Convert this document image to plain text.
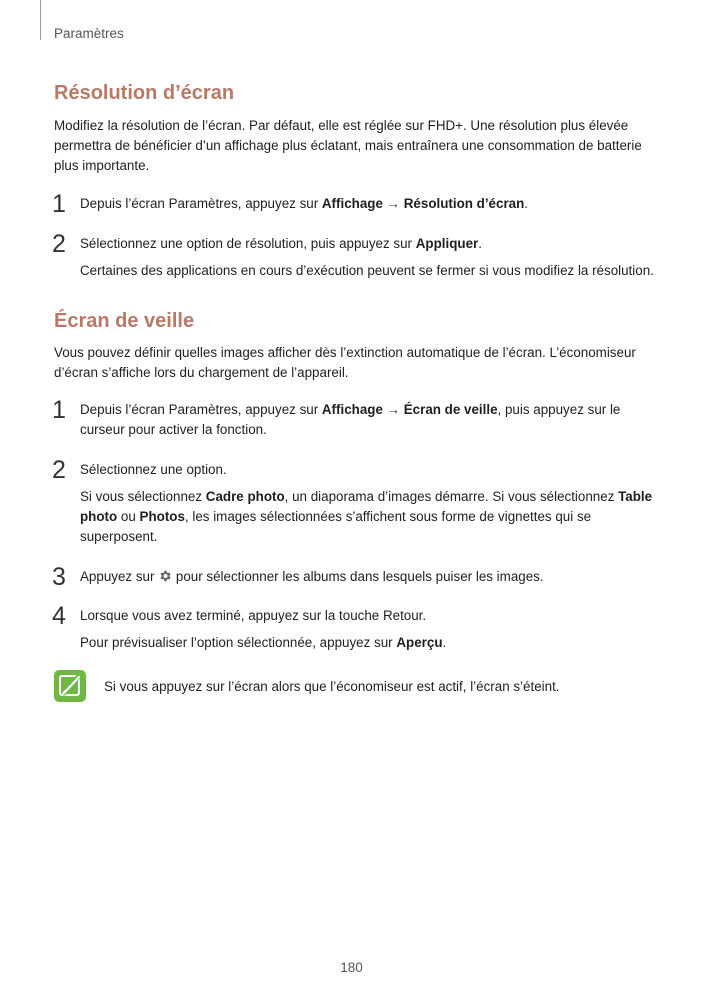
Paramètres
Résolution d’écran

Modifiez la résolution de l’écran. Par défaut, elle est réglée sur FHD+. Une résolution plus élevée permettra de bénéficier d’un affichage plus éclatant, mais entraînera une consommation de batterie plus importante.

1 Depuis l’écran Paramètres, appuyez sur Affichage → Résolution d’écran.

2 Sélectionnez une option de résolution, puis appuyez sur Appliquer.

Certaines des applications en cours d’exécution peuvent se fermer si vous modifiez la résolution.

Écran de veille

Vous pouvez définir quelles images afficher dès l’extinction automatique de l’écran. L’économiseur d’écran s’affiche lors du chargement de l’appareil.

1 Depuis l’écran Paramètres, appuyez sur Affichage → Écran de veille, puis appuyez sur le curseur pour activer la fonction.

2 Sélectionnez une option.

Si vous sélectionnez Cadre photo, un diaporama d’images démarre. Si vous sélectionnez Table photo ou Photos, les images sélectionnées s’affichent sous forme de vignettes qui se superposent.

3 Appuyez sur  pour sélectionner les albums dans lesquels puiser les images.

4 Lorsque vous avez terminé, appuyez sur la touche Retour.

Pour prévisualiser l’option sélectionnée, appuyez sur Aperçu.

Si vous appuyez sur l’écran alors que l’économiseur est actif, l’écran s’éteint.

180
